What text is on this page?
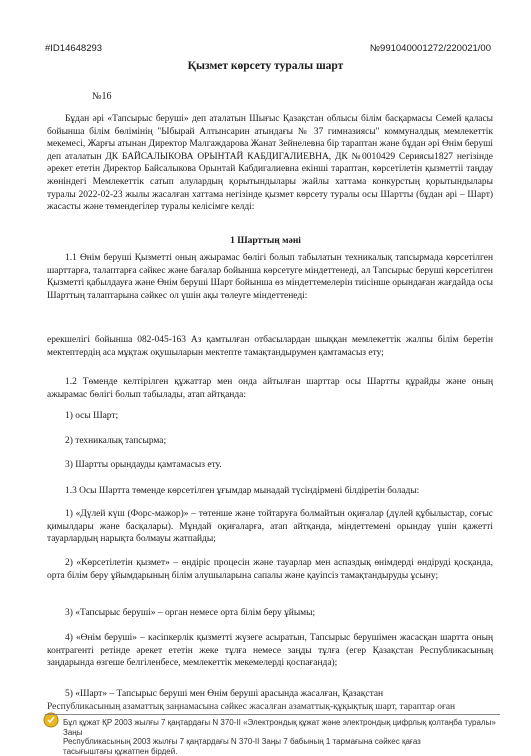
#ID14648293	№991040001272/220021/00
Қызмет көрсету туралы шарт
№16

Бұдан әрі «Тапсырыс беруші» деп аталатын Шығыс Қазақстан облысы білім басқармасы Семей қаласы бойынша білім бөлімінің "Ыбырай Алтынсарин атындағы № 37 гимназиясы" коммуналдық мемлекеттік мекемесі, Жарғы атынан Директор Малгаждарова Жанат Зейнелевна бір тараптан және бұдан әрі Өнім беруші деп аталатын ДК БАЙСАЛЫКОВА ОРЫНТАЙ КАБДИГАЛИЕВНА, ДК №0010429 Сериясы1827 негізінде әрекет ететін Директор Байсалыкова Орынтай Кабдигалиевна екінші тараптан, көрсетілетін қызметтіі таңдау жөніндегі Мемлекеттік сатып алулардың қорытындылары жайлы хаттама конкурстың қорытындылары туралы 2022-02-23 жылы жасалған хаттама негізінде қызмет көрсету туралы осы Шартты (бұдан әрі – Шарт) жасасты және төмендегілер туралы келісімге келді:

1 Шарттың мәні

1.1 Өнім беруші Қызметті оның ажырамас бөлігі болып табылатын техникалық тапсырмада көрсетілген шарттарға, талаптарға сәйкес және бағалар бойынша көрсетуге міндеттенеді, ал Тапсырыс беруші көрсетілген Қызметті қабылдауға және Өнім беруші Шарт бойынша өз міндеттемелерін тиісінше орындаған жағдайда осы Шарттың талаптарына сәйкес ол үшін ақы төлеуге міндеттенеді:

ерекшелігі бойынша 082-045-163 Аз қамтылған отбасылардан шыққан мемлекеттік жалпы білім беретін мектептердің аса мұқтаж оқушыларын мектепте тамақтандырумен қамтамасыз ету;

1.2 Төменде келтірілген құжаттар мен онда айтылған шарттар осы Шартты құрайды және оның ажырамас бөлігі болып табылады, атап айтқанда:

1) осы Шарт;
2) техникалық тапсырма;
3) Шартты орындауды қамтамасыз ету.

1.3 Осы Шартта төменде көрсетілген ұғымдар мынадай түсіндірмені білдіретін болады:

1) «Дүлей күш (Форс-мажор)» – төтенше және тойтаруға болмайтын оқиғалар (дүлей құбылыстар, соғыс қимылдары және басқалары). Мұндай оқиғаларға, атап айтқанда, міндеттемені орындау үшін қажетті тауарлардың нарықта болмауы жатпайды;

2) «Көрсетілетін қызмет» – өндіріс процесін және тауарлар мен аспаздық өнімдерді өндіруді қосқанда, орта білім беру ұйымдарының білім алушыларына сапалы және қауіпсіз тамақтандыруды ұсыну;

3) «Тапсырыс беруші» – орган немесе орта білім беру ұйымы;

4) «Өнім беруші» – кәсіпкерлік қызметті жүзеге асыратын, Тапсырыс берушімен жасасқан шартта оның контрагенті ретінде әрекет ететін жеке тұлға немесе заңды тұлға (егер Қазақстан Республикасының заңдарында өзгеше белгіленбесе, мемлекеттік мекемелерді қоспағанда);

5) «Шарт» – Тапсырыс беруші мен Өнім беруші арасында жасалған, Қазақстан

Республикасының азаматтық заңнамасына сәйкес жасалған азаматтық-құқықтық шарт, тараптар оған
Бұл құжат ҚР 2003 жылғы 7 қаңтардағы N 370-II «Электрондық құжат және электрондық цифрлық қолтаңба туралы» Заңы
Республикасының 2003 жылғы 7 қаңтардағы N 370-II Заңы 7 бабының 1 тармағына сәйкес қағаз
тасығыштағы құжатпен бірдей.
